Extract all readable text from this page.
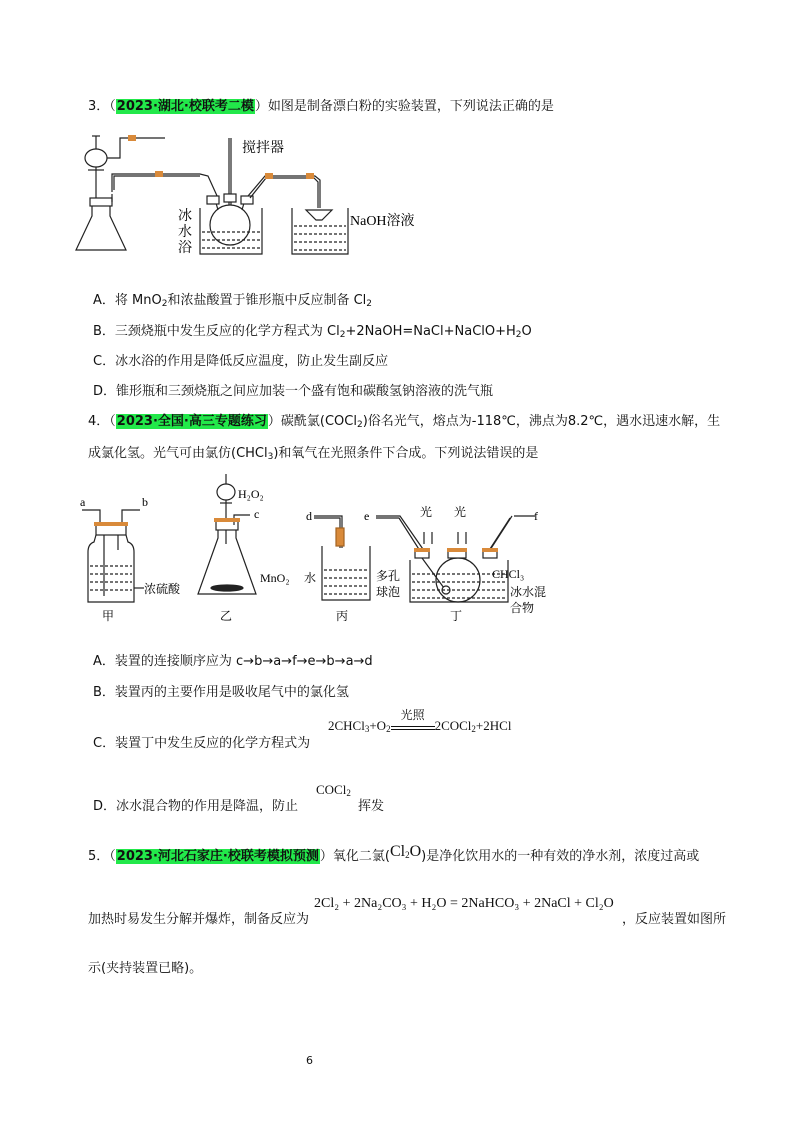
3．（2023·湖北·校联考二模）如图是制备漂白粉的实验装置，下列说法正确的是
搅拌器
冰
水
浴
NaOH溶液
A．将 MnO$_2$和浓盐酸置于锥形瓶中反应制备 $Cl_2$
B．三颈烧瓶中发生反应的化学方程式为 $Cl_2+2NaOH=NaCl+NaClO+H_2O$
C．冰水浴的作用是降低反应温度，防止发生副反应
D．锥形瓶和三颈烧瓶之间应加装一个盛有饱和碳酸氢钠溶液的洗气瓶
4．（2023·全国·高三专题练习）碳酰氯(COCl$_2$)俗名光气，熔点为-118℃，沸点为8.2℃，遇水迅速水解，生
成氯化氢。光气可由氯仿(CHCl$_3$)和氧气在光照条件下合成。下列说法错误的是
a	b
c	d	e	f
H₂O₂
浓硫酸
MnO₂ 水
光 光
多孔
球泡
CHCl₃
冰水混
合物
甲	乙	丙	丁
A．装置的连接顺序应为 c→b→a→f→e→b→a→d
B．装置丙的主要作用是吸收尾气中的氯化氢
C．装置丁中发生反应的化学方程式为
$2CHCl_3+O_2$
光照
2COCl$_2$+2HCl
D．冰水混合物的作用是降温，防止
COCl$_2$
挥发
5．（2023·河北石家庄·校联考模拟预测）氧化二氯$(Cl_2O)$是净化饮用水的一种有效的净水剂，浓度过高或
加热时易发生分解并爆炸，制备反应为
2Cl₂ + 2Na₂CO₃ + H₂O = 2NaHCO₃ + 2NaCl + Cl₂O
，反应装置如图所
示(夹持装置已略)。
6
